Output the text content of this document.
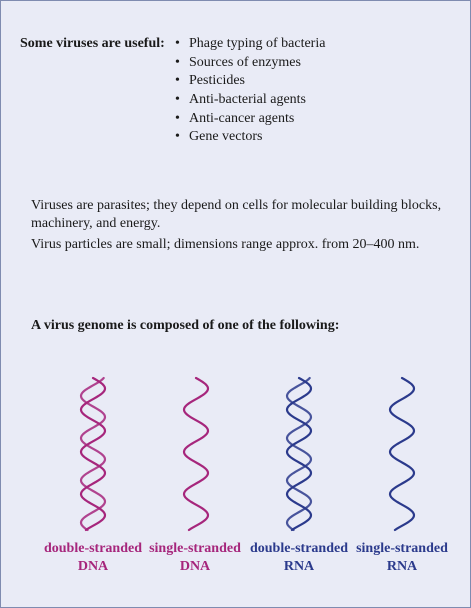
Some viruses are useful: • Phage typing of bacteria
• Sources of enzymes
• Pesticides
• Anti-bacterial agents
• Anti-cancer agents
• Gene vectors
Viruses are parasites; they depend on cells for molecular building blocks, machinery, and energy.
Virus particles are small; dimensions range approx. from 20–400 nm.
A virus genome is composed of one of the following:
double-stranded
DNA
single-stranded
DNA
double-stranded
RNA
single-stranded
RNA
